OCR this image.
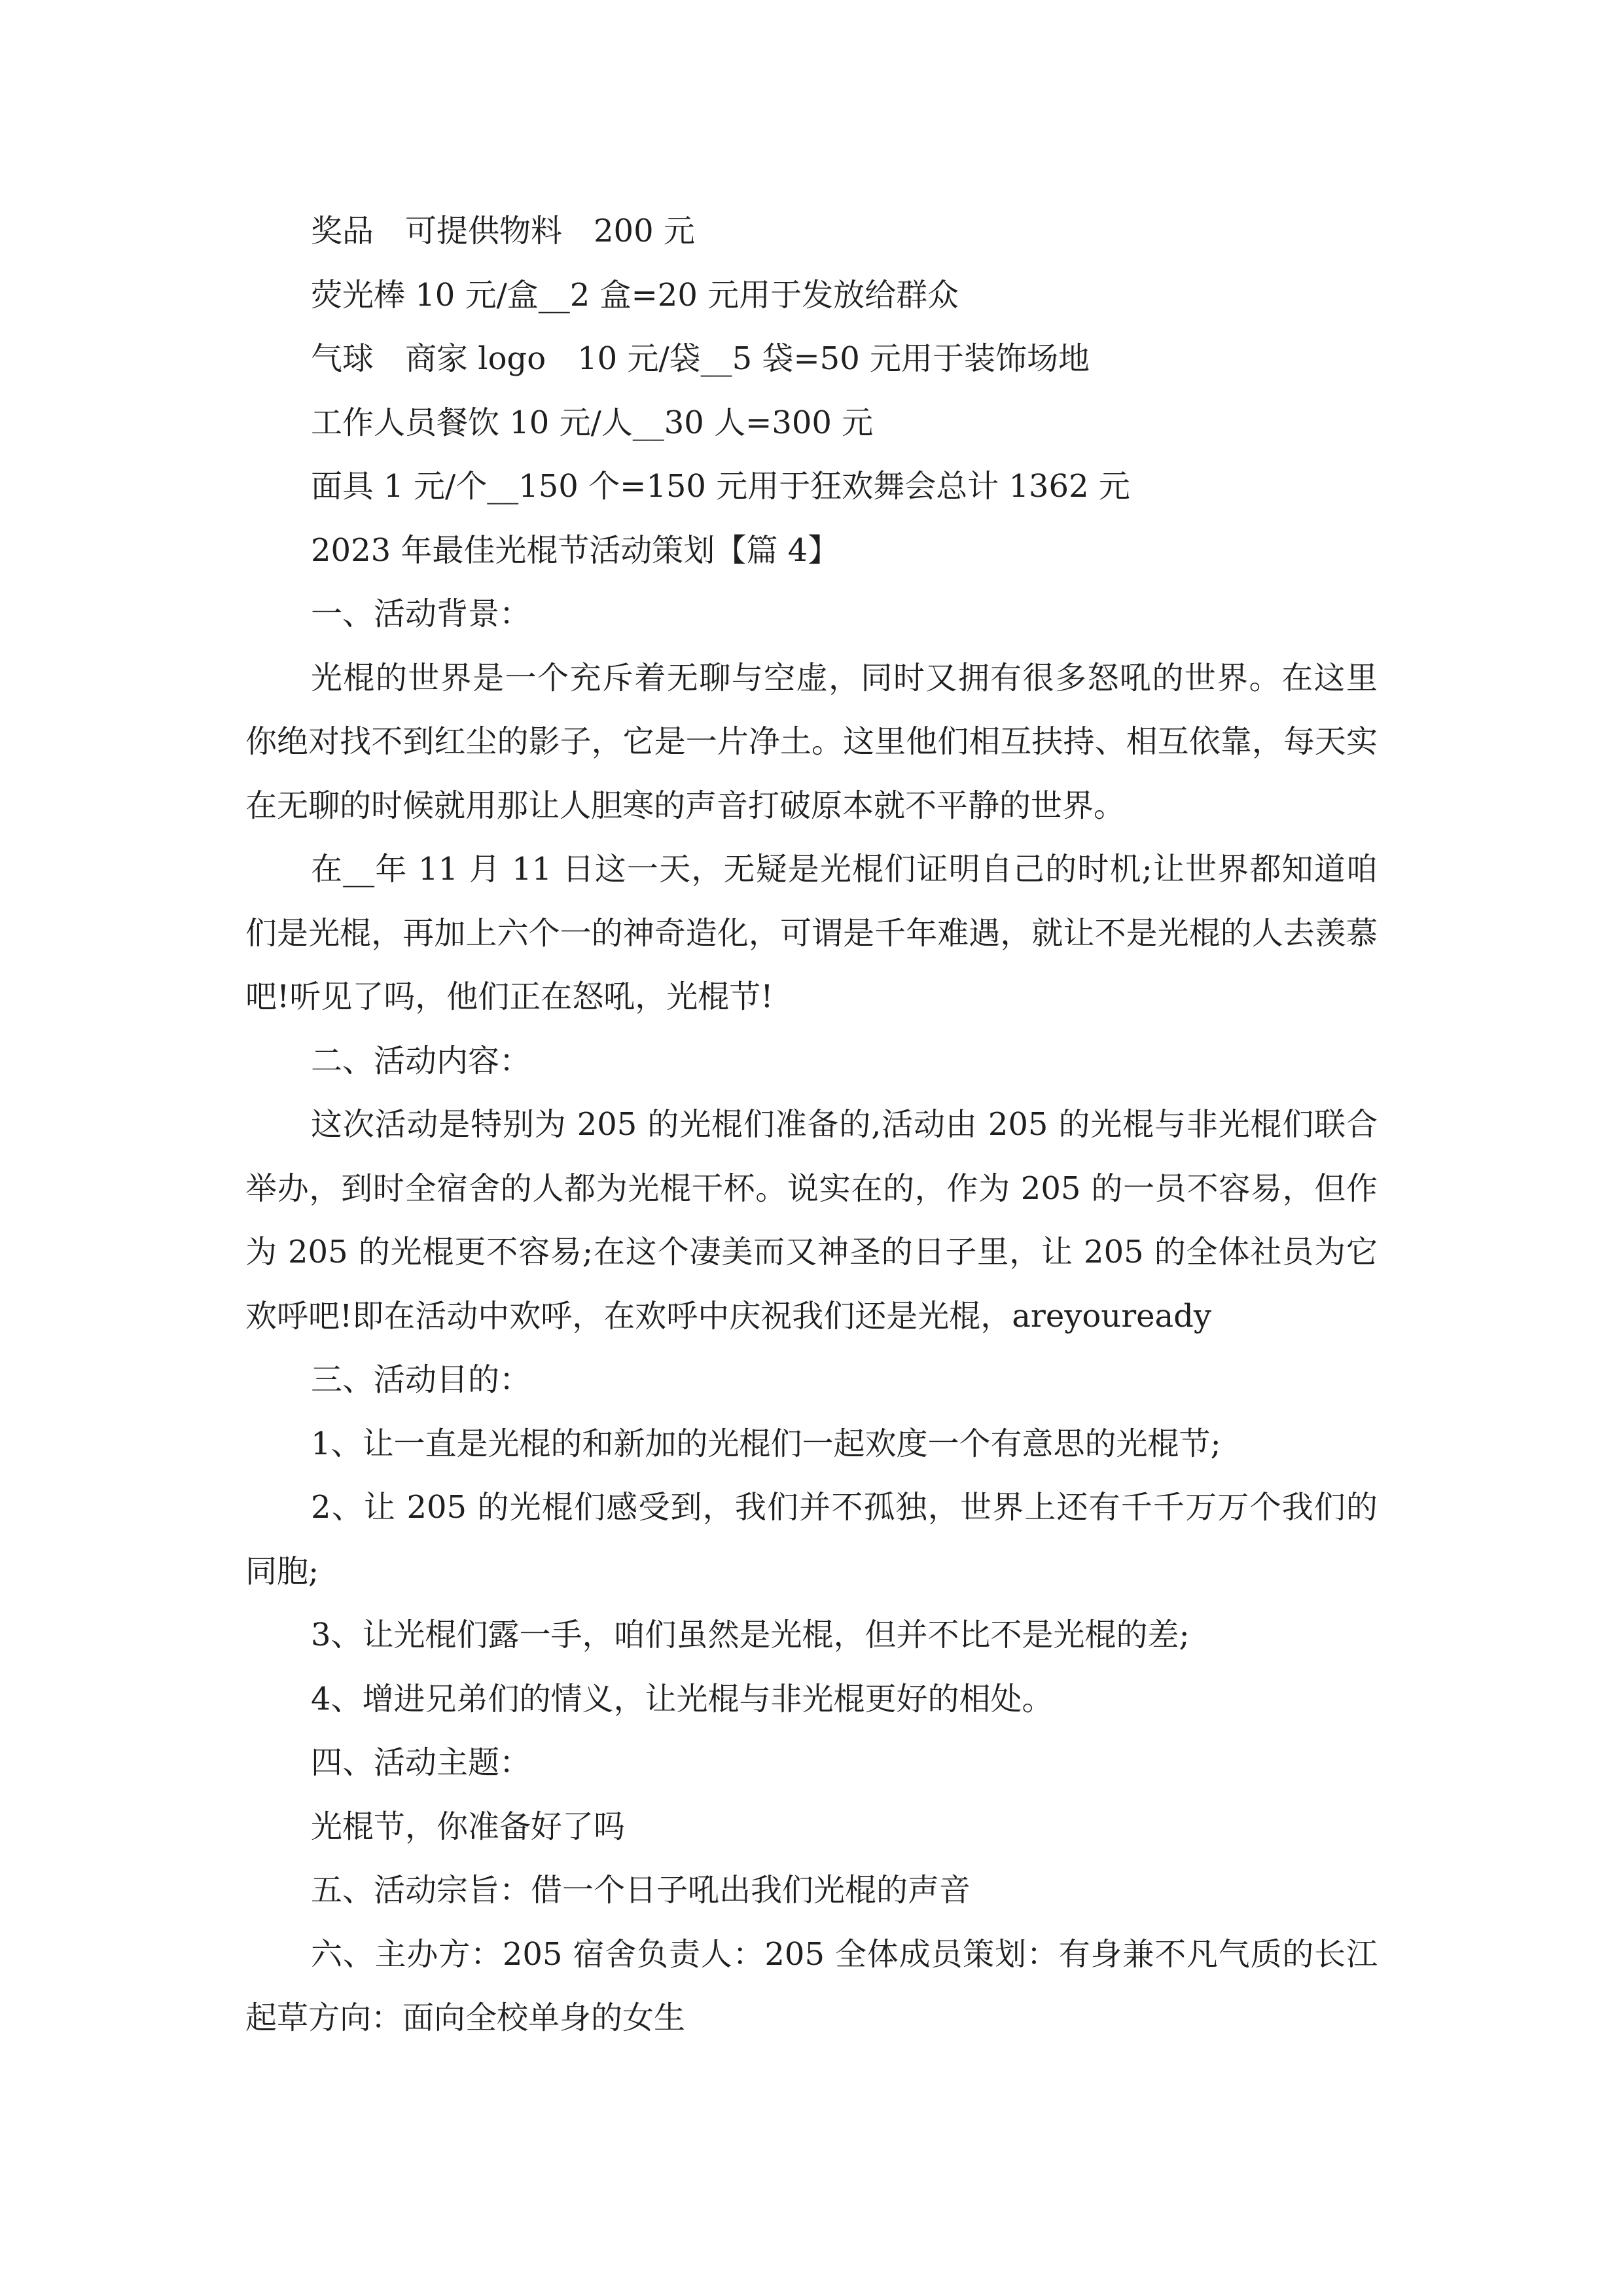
奖品　可提供物料　200 元

荧光棒 10 元/盒__2 盒=20 元用于发放给群众

气球　商家 logo　10 元/袋__5 袋=50 元用于装饰场地

工作人员餐饮 10 元/人__30 人=300 元

面具 1 元/个__150 个=150 元用于狂欢舞会总计 1362 元

2023 年最佳光棍节活动策划【篇 4】

一、活动背景：

光棍的世界是一个充斥着无聊与空虚，同时又拥有很多怒吼的世界。在这里你绝对找不到红尘的影子，它是一片净土。这里他们相互扶持、相互依靠，每天实在无聊的时候就用那让人胆寒的声音打破原本就不平静的世界。

在__年 11 月 11 日这一天，无疑是光棍们证明自己的时机;让世界都知道咱们是光棍，再加上六个一的神奇造化，可谓是千年难遇，就让不是光棍的人去羡慕吧!听见了吗，他们正在怒吼，光棍节!

二、活动内容：

这次活动是特别为 205 的光棍们准备的,活动由 205 的光棍与非光棍们联合举办，到时全宿舍的人都为光棍干杯。说实在的，作为 205 的一员不容易，但作为 205 的光棍更不容易;在这个凄美而又神圣的日子里，让 205 的全体社员为它欢呼吧!即在活动中欢呼，在欢呼中庆祝我们还是光棍，areyouready

三、活动目的：

1、让一直是光棍的和新加的光棍们一起欢度一个有意思的光棍节;

2、让 205 的光棍们感受到，我们并不孤独，世界上还有千千万万个我们的同胞;

3、让光棍们露一手，咱们虽然是光棍，但并不比不是光棍的差;

4、增进兄弟们的情义，让光棍与非光棍更好的相处。

四、活动主题：

光棍节，你准备好了吗

五、活动宗旨：借一个日子吼出我们光棍的声音

六、主办方：205 宿舍负责人：205 全体成员策划：有身兼不凡气质的长江起草方向：面向全校单身的女生
